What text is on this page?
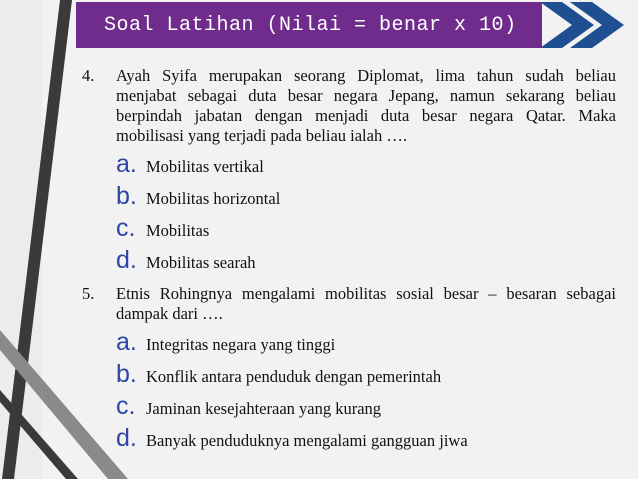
Soal Latihan (Nilai = benar x 10)
4. Ayah Syifa merupakan seorang Diplomat, lima tahun sudah beliau menjabat sebagai duta besar negara Jepang, namun sekarang beliau berpindah jabatan dengan menjadi duta besar negara Qatar. Maka mobilisasi yang terjadi pada beliau ialah ….
a. Mobilitas vertikal
b. Mobilitas horizontal
c. Mobilitas
d. Mobilitas searah
5. Etnis Rohingnya mengalami mobilitas sosial besar – besaran sebagai dampak dari ….
a. Integritas negara yang tinggi
b. Konflik antara penduduk dengan pemerintah
c. Jaminan kesejahteraan yang kurang
d. Banyak penduduknya mengalami gangguan jiwa
